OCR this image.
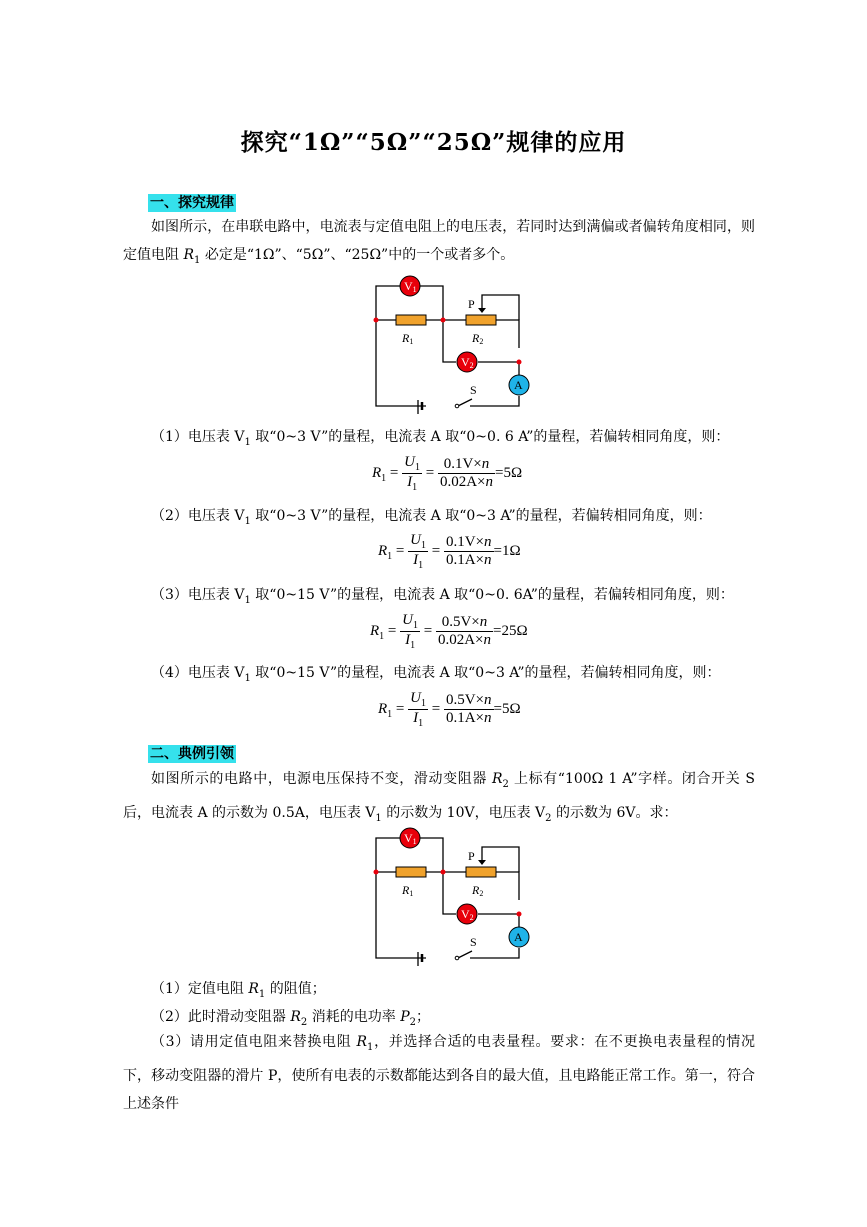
探究“1Ω”“5Ω”“25Ω”规律的应用
一、探究规律
如图所示，在串联电路中，电流表与定值电阻上的电压表，若同时达到满偏或者偏转角度相同，则定值电阻 $R_1$ 必定是“1Ω”、“5Ω”、“25Ω”中的一个或者多个。
V1
V2
A
S
P
R1	R2
（1）电压表 $V_1$ 取“0~3 V”的量程，电流表 A 取“0~0. 6 A”的量程，若偏转相同角度，则：
$R_1 = \frac{U_1}{I_1} = \frac{0.1V\times n}{0.02A\times n} =5\Omega$
（2）电压表 $V_1$ 取“0~3 V”的量程，电流表 A 取“0~3 A”的量程，若偏转相同角度，则：
$R_1 = \frac{U_1}{I_1} = \frac{0.1V\times n}{0.1A\times n} =1\Omega$
（3）电压表 $V_1$ 取“0~15 V”的量程，电流表 A 取“0~0. 6A”的量程，若偏转相同角度，则：
$R_1 = \frac{U_1}{I_1} = \frac{0.5V\times n}{0.02A\times n} =25\Omega$
（4）电压表 $V_1$ 取“0~15 V”的量程，电流表 A 取“0~3 A”的量程，若偏转相同角度，则：
$R_1 = \frac{U_1}{I_1} = \frac{0.5V\times n}{0.1A\times n} =5\Omega$
二、典例引领
如图所示的电路中，电源电压保持不变，滑动变阻器 $R_2$ 上标有“100Ω 1 A”字样。闭合开关 S 后，电流表 A 的示数为 0.5A，电压表 $V_1$ 的示数为 10V，电压表 $V_2$ 的示数为 6V。求：
V1
V2
A
S
P
R1	R2
（1）定值电阻 $R_1$ 的阻值；
（2）此时滑动变阻器 $R_2$ 消耗的电功率 $P_2$；
（3）请用定值电阻来替换电阻 $R_1$，并选择合适的电表量程。要求：在不更换电表量程的情况下，移动变阻器的滑片 P，使所有电表的示数都能达到各自的最大值，且电路能正常工作。第一，符合上述条件
